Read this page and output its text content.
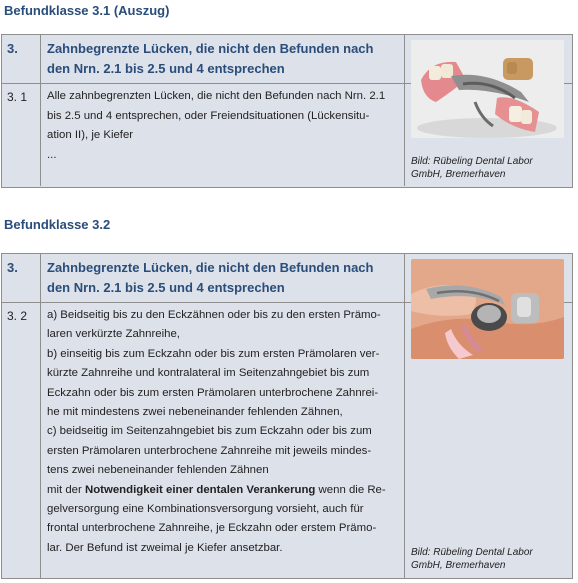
Befundklasse 3.1 (Auszug)
3.	Zahnbegrenzte Lücken, die nicht den Befunden nach
den Nrn. 2.1 bis 2.5 und 4 entsprechen
3. 1	Alle zahnbegrenzten Lücken, die nicht den Befunden nach Nrn. 2.1
bis 2.5 und 4 entsprechen, oder Freiendsituationen (Lückensitu-
ation II), je Kiefer
...
Bild: Rübeling Dental Labor
GmbH, Bremerhaven
Befundklasse 3.2
3.	Zahnbegrenzte Lücken, die nicht den Befunden nach
den Nrn. 2.1 bis 2.5 und 4 entsprechen
3. 2	a) Beidseitig bis zu den Eckzähnen oder bis zu den ersten Prämo-
laren verkürzte Zahnreihe,
b) einseitig bis zum Eckzahn oder bis zum ersten Prämolaren ver-
kürzte Zahnreihe und kontralateral im Seitenzahngebiet bis zum
Eckzahn oder bis zum ersten Prämolaren unterbrochene Zahnrei-
he mit mindestens zwei nebeneinander fehlenden Zähnen,
c) beidseitig im Seitenzahngebiet bis zum Eckzahn oder bis zum
ersten Prämolaren unterbrochene Zahnreihe mit jeweils mindes-
tens zwei nebeneinander fehlenden Zähnen
mit der Notwendigkeit einer dentalen Verankerung wenn die Re-
gelversorgung eine Kombinationsversorgung vorsieht, auch für
frontal unterbrochene Zahnreihe, je Eckzahn oder erstem Prämo-
lar. Der Befund ist zweimal je Kiefer ansetzbar.	Bild: Rübeling Dental Labor
GmbH, Bremerhaven
